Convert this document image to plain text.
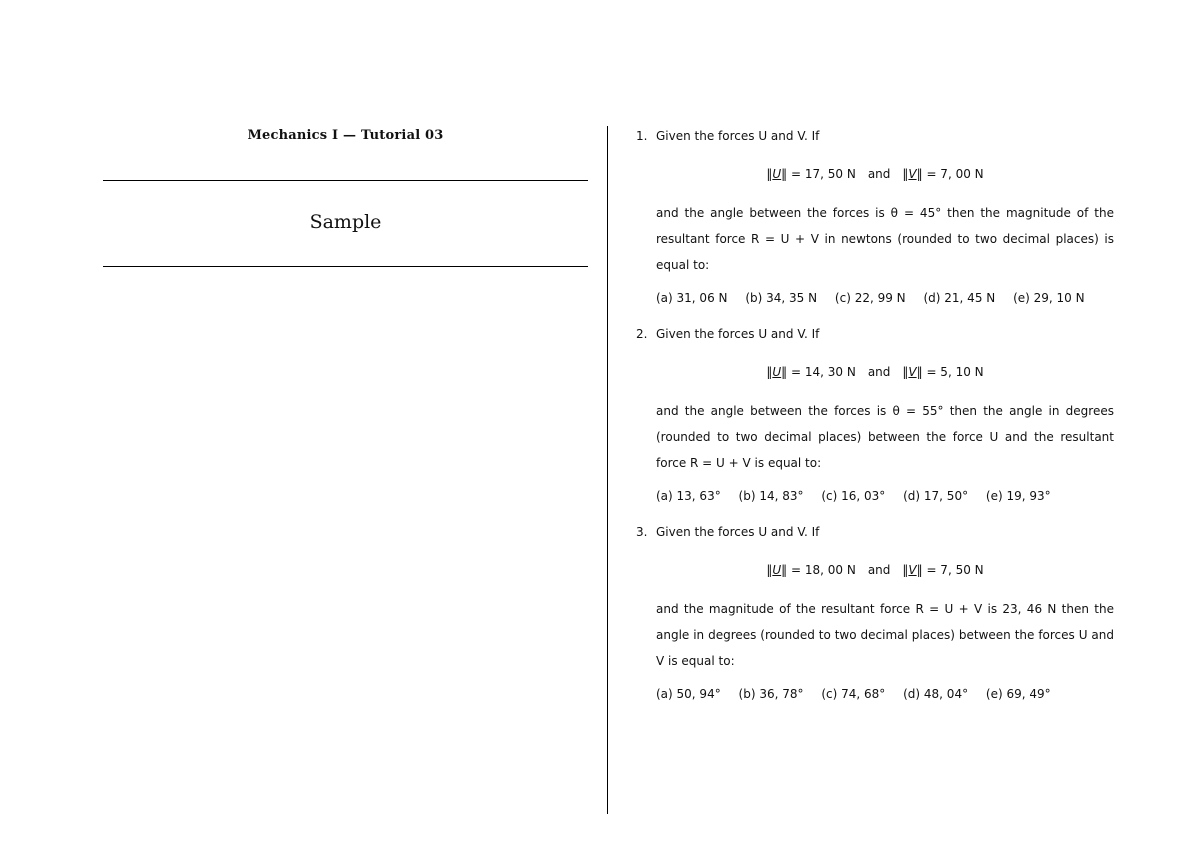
Mechanics I — Tutorial 03
Sample
1. Given the forces U and V. If
‖U‖ = 17, 50 N and ‖V‖ = 7, 00 N
and the angle between the forces is θ = 45° then the magnitude of the resultant force R = U + V in newtons (rounded to two decimal places) is equal to:
(a) 31, 06 N (b) 34, 35 N (c) 22, 99 N (d) 21, 45 N (e) 29, 10 N
2. Given the forces U and V. If
‖U‖ = 14, 30 N and ‖V‖ = 5, 10 N
and the angle between the forces is θ = 55° then the angle in degrees (rounded to two decimal places) between the force U and the resultant force R = U + V is equal to:
(a) 13, 63° (b) 14, 83° (c) 16, 03° (d) 17, 50° (e) 19, 93°
3. Given the forces U and V. If
‖U‖ = 18, 00 N and ‖V‖ = 7, 50 N
and the magnitude of the resultant force R = U + V is 23, 46 N then the angle in degrees (rounded to two decimal places) between the forces U and V is equal to:
(a) 50, 94° (b) 36, 78° (c) 74, 68° (d) 48, 04° (e) 69, 49°
